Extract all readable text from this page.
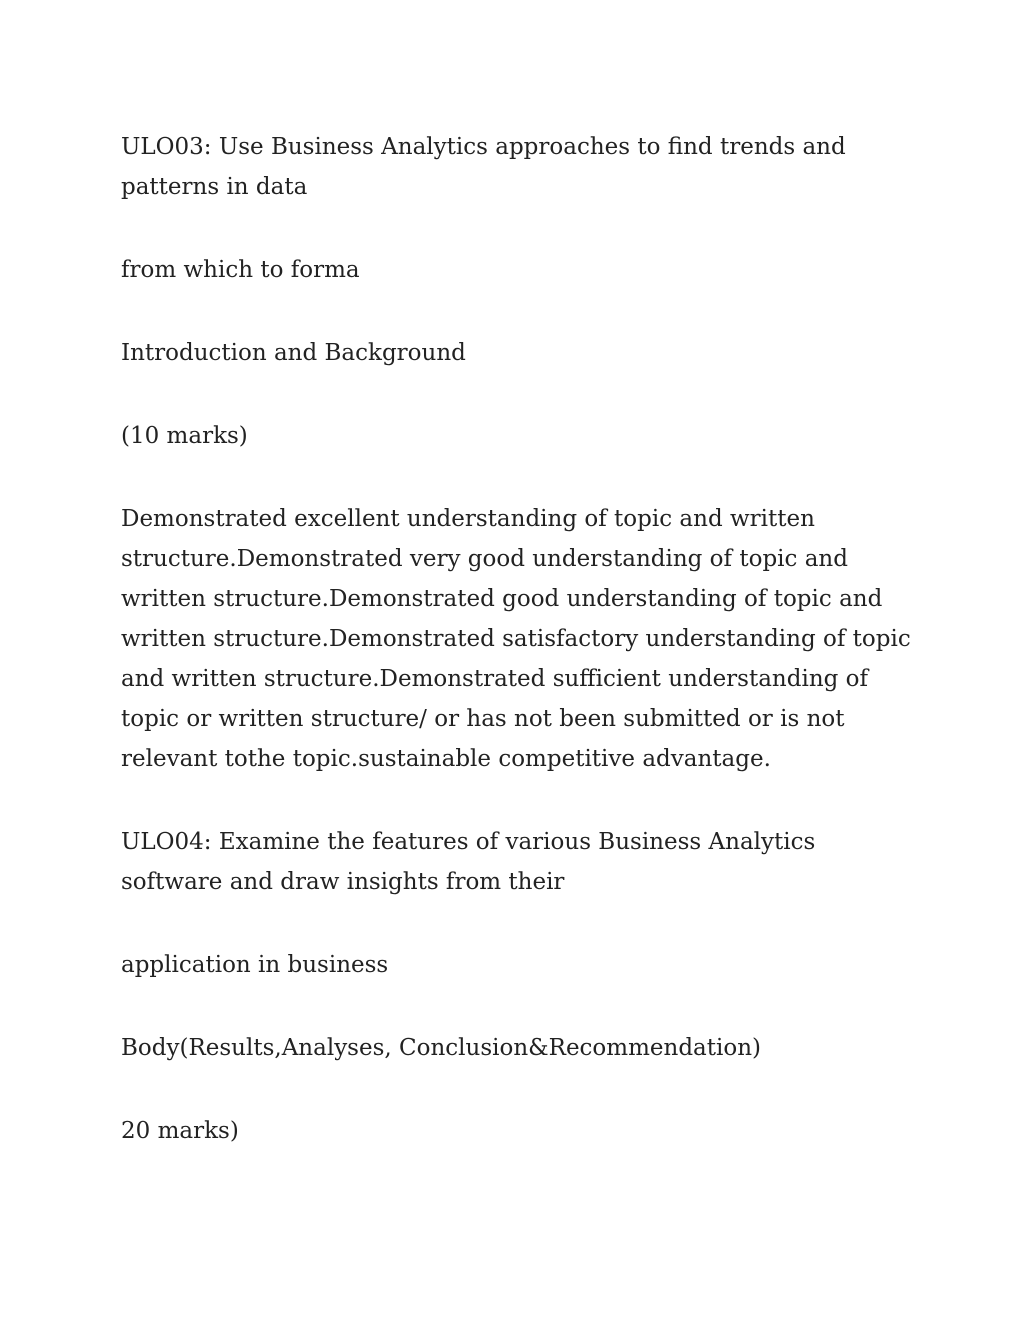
ULO03: Use Business Analytics approaches to find trends and patterns in data

from which to forma

Introduction and Background

(10 marks)

Demonstrated excellent understanding of topic and written structure.Demonstrated very good understanding of topic and written structure.Demonstrated good understanding of topic and written structure.Demonstrated satisfactory understanding of topic and written structure.Demonstrated sufficient understanding of topic or written structure/ or has not been submitted or is not relevant tothe topic.sustainable competitive advantage.

ULO04: Examine the features of various Business Analytics software and draw insights from their

application in business

Body(Results,Analyses, Conclusion&Recommendation)

20 marks)
